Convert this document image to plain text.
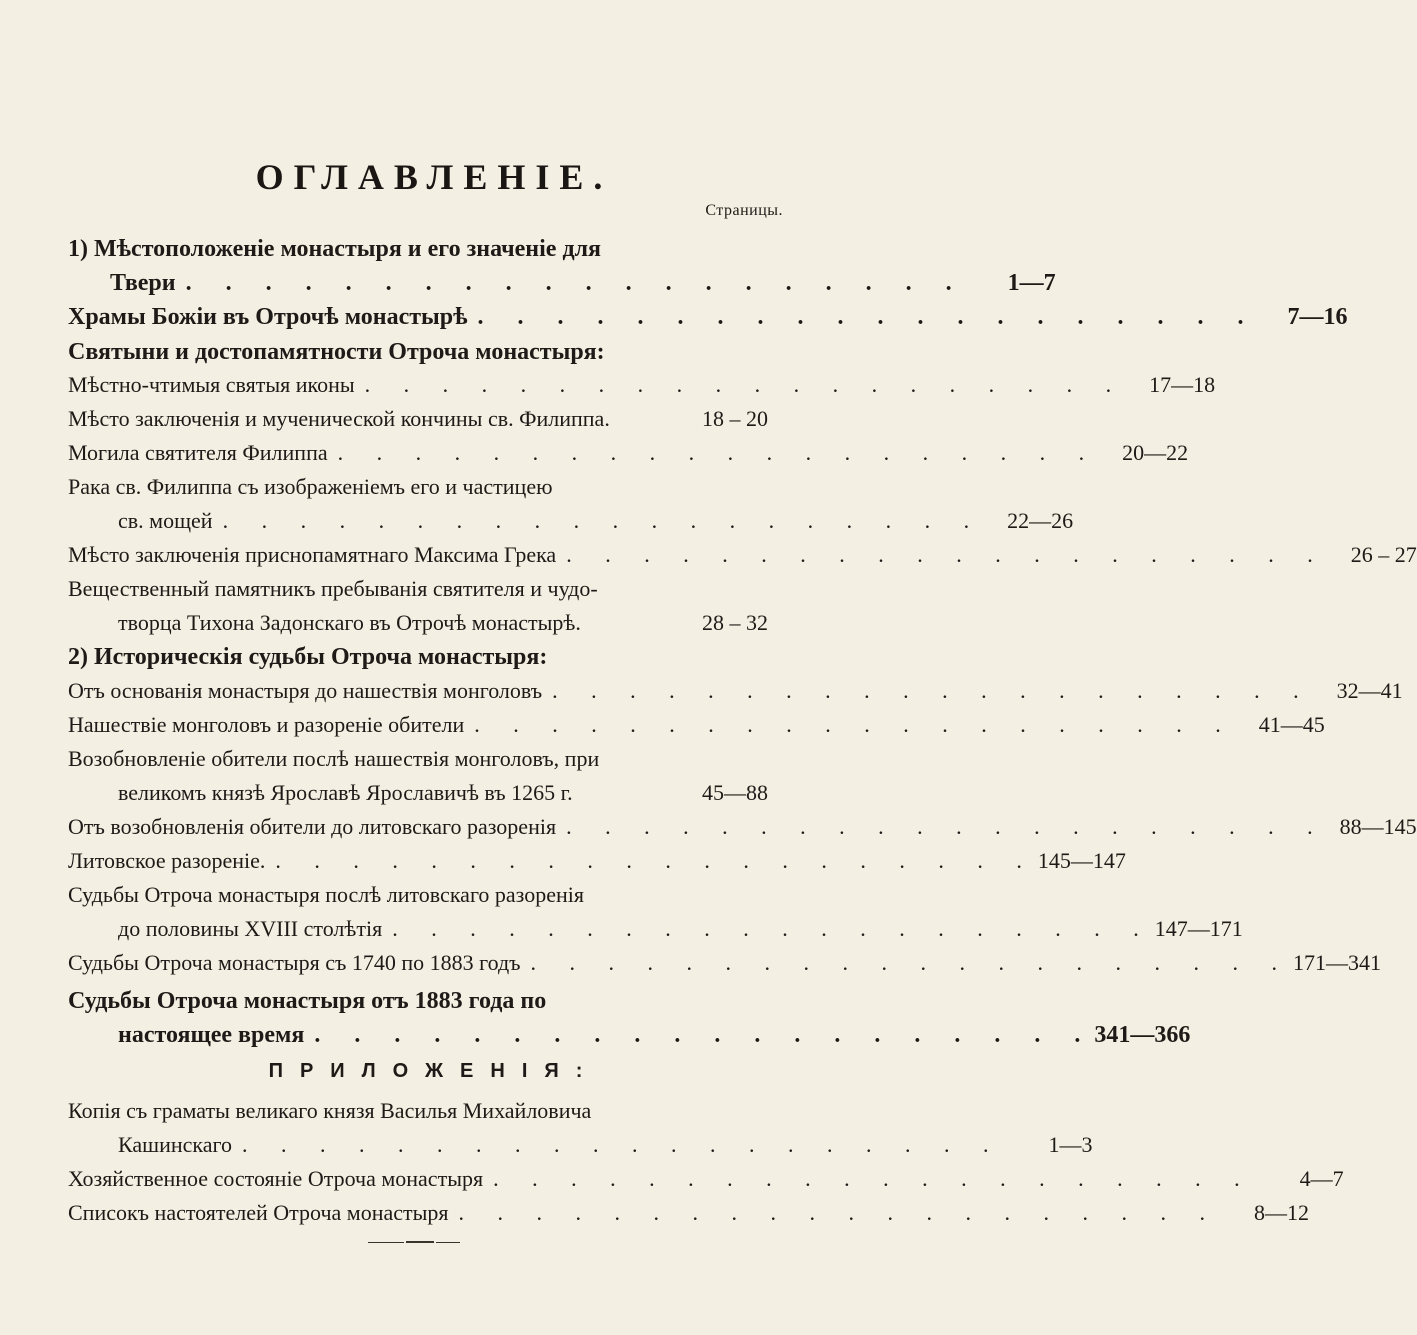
ОГЛАВЛЕНІЕ.
Страницы.
1) Мѣстоположеніе монастыря и его значеніе для
Твери . . . . . . . . . . . . . . . . . . . .	1—7
Храмы Божіи въ Отрочѣ монастырѣ . . . . . . . . . . . . . . . . . . . .	7—16
Святыни и достопамятности Отроча монастыря:
Мѣстно-чтимыя святыя иконы . . . . . . . . . . . . . . . . . . . .	17—18
Мѣсто заключенія и мученической кончины св. Филиппа.	18 – 20
Могила святителя Филиппа . . . . . . . . . . . . . . . . . . . .	20—22
Рака св. Филиппа съ изображеніемъ его и частицею
св. мощей . . . . . . . . . . . . . . . . . . . .	22—26
Мѣсто заключенія приснопамятнаго Максима Грека . . . . . . . . . . . . . . . . . . . .	26 – 27
Вещественный памятникъ пребыванія святителя и чудо-
творца Тихона Задонскаго въ Отрочѣ монастырѣ.	28 – 32
2) Историческія судьбы Отроча монастыря:
Отъ основанія монастыря до нашествія монголовъ . . . . . . . . . . . . . . . . . . . .	32—41
Нашествіе монголовъ и разореніе обители . . . . . . . . . . . . . . . . . . . .	41—45
Возобновленіе обители послѣ нашествія монголовъ, при
великомъ князѣ Ярославѣ Ярославичѣ въ 1265 г.	45—88
Отъ возобновленія обители до литовскаго разоренія . . . . . . . . . . . . . . . . . . . . 88—145
Литовское разореніе. . . . . . . . . . . . . . . . . . . . . 145—147
Судьбы Отроча монастыря послѣ литовскаго разоренія
до половины XVIII столѣтія . . . . . . . . . . . . . . . . . . . . 147—171
Судьбы Отроча монастыря съ 1740 по 1883 годъ . . . . . . . . . . . . . . . . . . . . 171—341
Судьбы Отроча монастыря отъ 1883 года по
настоящее время . . . . . . . . . . . . . . . . . . . . 341—366
ПРИЛОЖЕНІЯ:
Копія съ граматы великаго князя Василья Михайловича
Кашинскаго . . . . . . . . . . . . . . . . . . . .	1—3
Хозяйственное состояніе Отроча монастыря . . . . . . . . . . . . . . . . . . . .	4—7
Списокъ настоятелей Отроча монастыря . . . . . . . . . . . . . . . . . . . .	8—12
